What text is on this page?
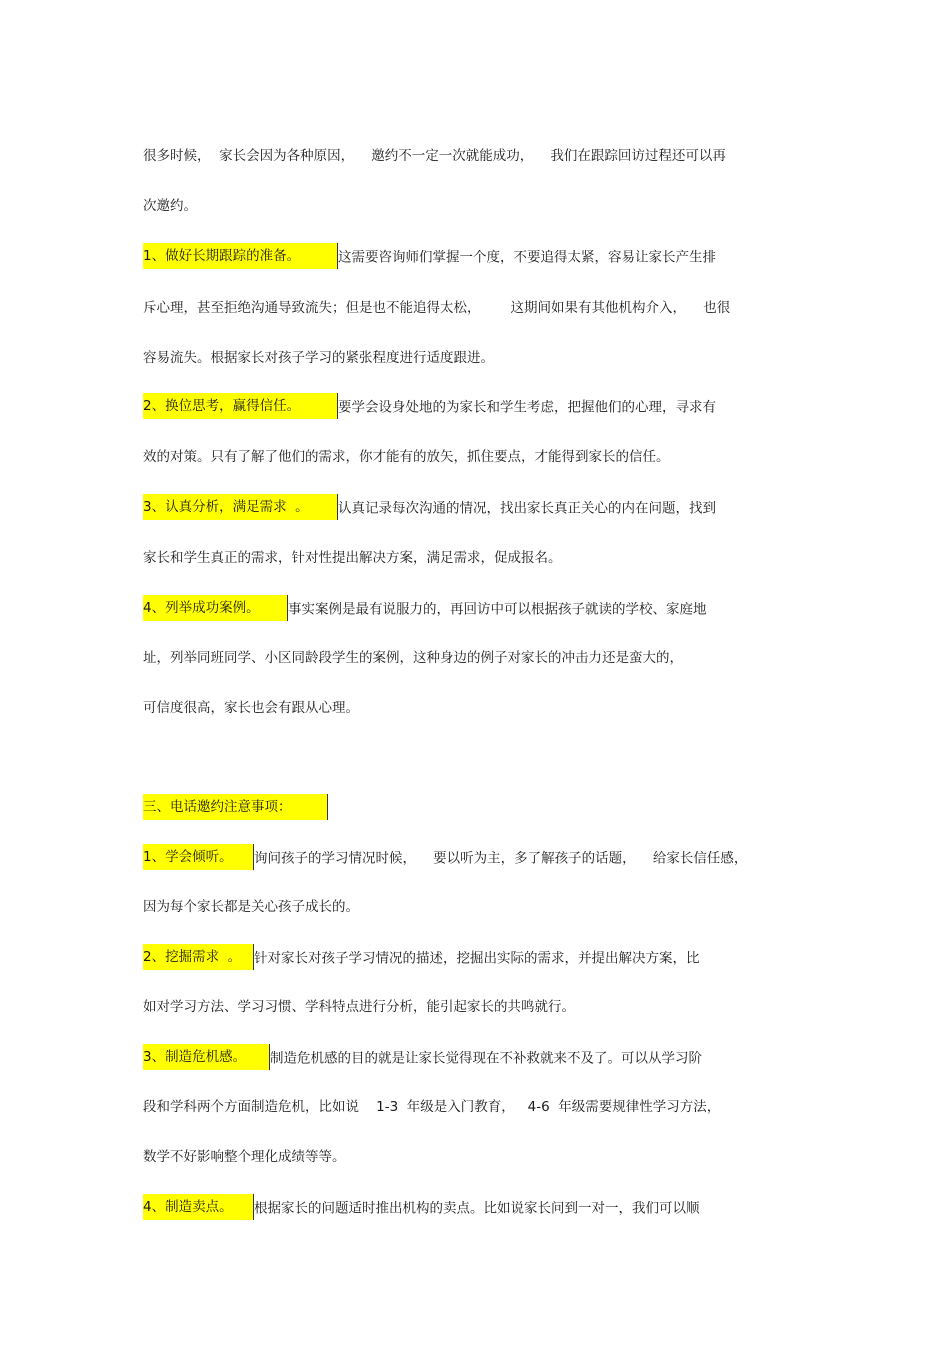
很多时候，  家长会因为各种原因，    邀约不一定一次就能成功，    我们在跟踪回访过程还可以再

次邀约。

1、做好长期跟踪的准备。	这需要咨询师们掌握一个度，不要追得太紧，容易让家长产生排

斥心理，甚至拒绝沟通导致流失；但是也不能追得太松，       这期间如果有其他机构介入，    也很

容易流失。根据家长对孩子学习的紧张程度进行适度跟进。

2、换位思考，赢得信任。	要学会设身处地的为家长和学生考虑，把握他们的心理，寻求有

效的对策。只有了解了他们的需求，你才能有的放矢，抓住要点，才能得到家长的信任。

3、认真分析，满足需求  。 认真记录每次沟通的情况，找出家长真正关心的内在问题，找到

家长和学生真正的需求，针对性提出解决方案，满足需求，促成报名。

4、列举成功案例。 事实案例是最有说服力的，再回访中可以根据孩子就读的学校、家庭地

址，列举同班同学、小区同龄段学生的案例，这种身边的例子对家长的冲击力还是蛮大的，

可信度很高，家长也会有跟从心理。

三、电话邀约注意事项：

1、学会倾听。 询问孩子的学习情况时候，    要以听为主，多了解孩子的话题，    给家长信任感，

因为每个家长都是关心孩子成长的。

2、挖掘需求  。 针对家长对孩子学习情况的描述，挖掘出实际的需求，并提出解决方案，比

如对学习方法、学习习惯、学科特点进行分析，能引起家长的共鸣就行。

3、制造危机感。 制造危机感的目的就是让家长觉得现在不补救就来不及了。可以从学习阶

段和学科两个方面制造危机，比如说    1-3  年级是入门教育，   4-6  年级需要规律性学习方法，

数学不好影响整个理化成绩等等。

4、制造卖点。 根据家长的问题适时推出机构的卖点。比如说家长问到一对一，我们可以顺
